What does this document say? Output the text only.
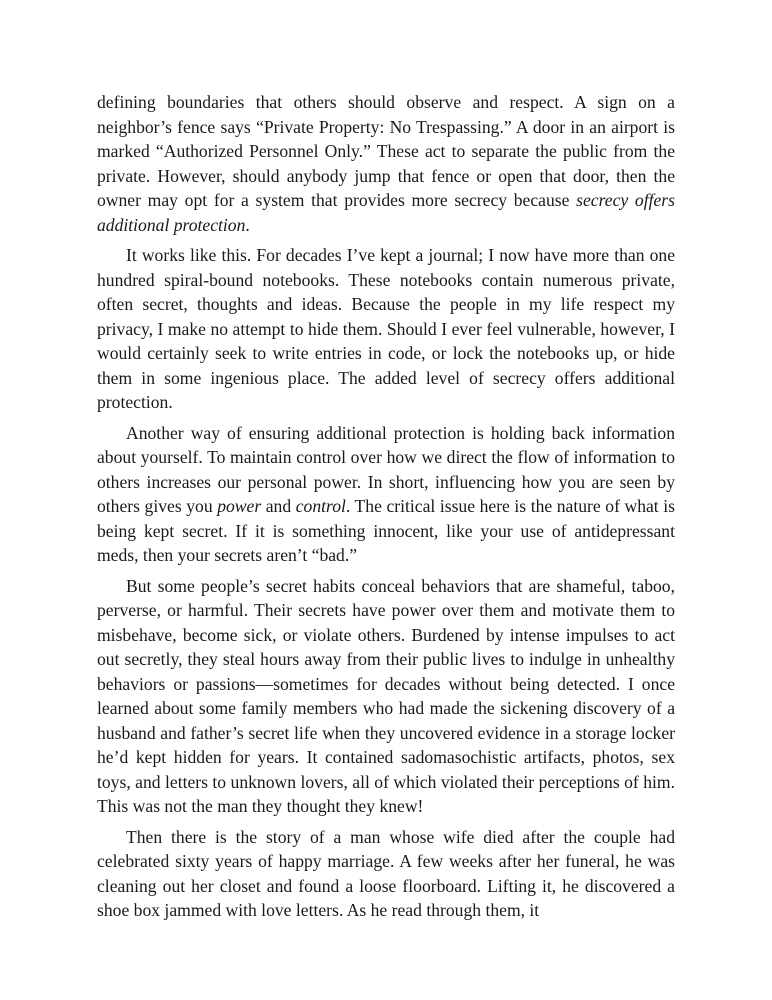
defining boundaries that others should observe and respect. A sign on a neighbor’s fence says “Private Property: No Trespassing.” A door in an airport is marked “Authorized Personnel Only.” These act to separate the public from the private. However, should anybody jump that fence or open that door, then the owner may opt for a system that provides more secrecy because secrecy offers additional protection.

It works like this. For decades I’ve kept a journal; I now have more than one hundred spiral-bound notebooks. These notebooks contain numerous private, often secret, thoughts and ideas. Because the people in my life respect my privacy, I make no attempt to hide them. Should I ever feel vulnerable, however, I would certainly seek to write entries in code, or lock the notebooks up, or hide them in some ingenious place. The added level of secrecy offers additional protection.

Another way of ensuring additional protection is holding back information about yourself. To maintain control over how we direct the flow of information to others increases our personal power. In short, influencing how you are seen by others gives you power and control. The critical issue here is the nature of what is being kept secret. If it is something innocent, like your use of antidepressant meds, then your secrets aren’t “bad.”

But some people’s secret habits conceal behaviors that are shameful, taboo, perverse, or harmful. Their secrets have power over them and motivate them to misbehave, become sick, or violate others. Burdened by intense impulses to act out secretly, they steal hours away from their public lives to indulge in unhealthy behaviors or passions—sometimes for decades without being detected. I once learned about some family members who had made the sickening discovery of a husband and father’s secret life when they uncovered evidence in a storage locker he’d kept hidden for years. It contained sadomasochistic artifacts, photos, sex toys, and letters to unknown lovers, all of which violated their perceptions of him. This was not the man they thought they knew!

Then there is the story of a man whose wife died after the couple had celebrated sixty years of happy marriage. A few weeks after her funeral, he was cleaning out her closet and found a loose floorboard. Lifting it, he discovered a shoe box jammed with love letters. As he read through them, it
